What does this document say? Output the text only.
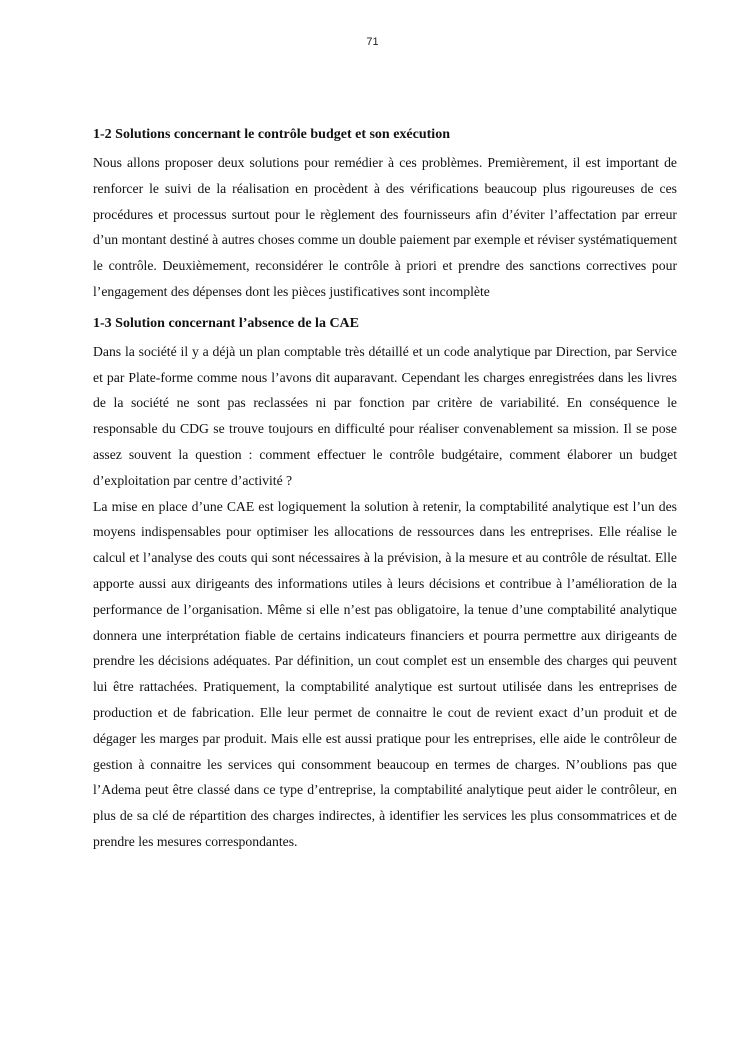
71
1-2 Solutions concernant le contrôle budget et son exécution

Nous allons proposer deux solutions pour remédier à ces problèmes. Premièrement, il est important de renforcer le suivi de la réalisation en procèdent à des vérifications beaucoup plus rigoureuses de ces procédures et processus surtout pour le règlement des fournisseurs afin d’éviter l’affectation par erreur d’un montant destiné à autres choses comme un double paiement par exemple et réviser systématiquement le contrôle. Deuxièmement, reconsidérer le contrôle à priori et prendre des sanctions correctives pour l’engagement des dépenses dont les pièces justificatives sont incomplète

1-3 Solution concernant l’absence de la CAE

Dans la société il y a déjà un plan comptable très détaillé et un code analytique par Direction, par Service et par Plate-forme comme nous l’avons dit auparavant. Cependant les charges enregistrées dans les livres de la société ne sont pas reclassées ni par fonction par critère de variabilité. En conséquence le responsable du CDG se trouve toujours en difficulté pour réaliser convenablement sa mission. Il se pose assez souvent la question : comment effectuer le contrôle budgétaire, comment élaborer un budget d’exploitation par centre d’activité ?

La mise en place d’une CAE est logiquement la solution à retenir, la comptabilité analytique est l’un des moyens indispensables pour optimiser les allocations de ressources dans les entreprises. Elle réalise le calcul et l’analyse des couts qui sont nécessaires à la prévision, à la mesure et au contrôle de résultat. Elle apporte aussi aux dirigeants des informations utiles à leurs décisions et contribue à l’amélioration de la performance de l’organisation. Même si elle n’est pas obligatoire, la tenue d’une comptabilité analytique donnera une interprétation fiable de certains indicateurs financiers et pourra permettre aux dirigeants de prendre les décisions adéquates. Par définition, un cout complet est un ensemble des charges qui peuvent lui être rattachées. Pratiquement, la comptabilité analytique est surtout utilisée dans les entreprises de production et de fabrication. Elle leur permet de connaitre le cout de revient exact d’un produit et de dégager les marges par produit. Mais elle est aussi pratique pour les entreprises, elle aide le contrôleur de gestion à connaitre les services qui consomment beaucoup en termes de charges. N’oublions pas que l’Adema peut être classé dans ce type d’entreprise, la comptabilité analytique peut aider le contrôleur, en plus de sa clé de répartition des charges indirectes, à identifier les services les plus consommatrices et de prendre les mesures correspondantes.
